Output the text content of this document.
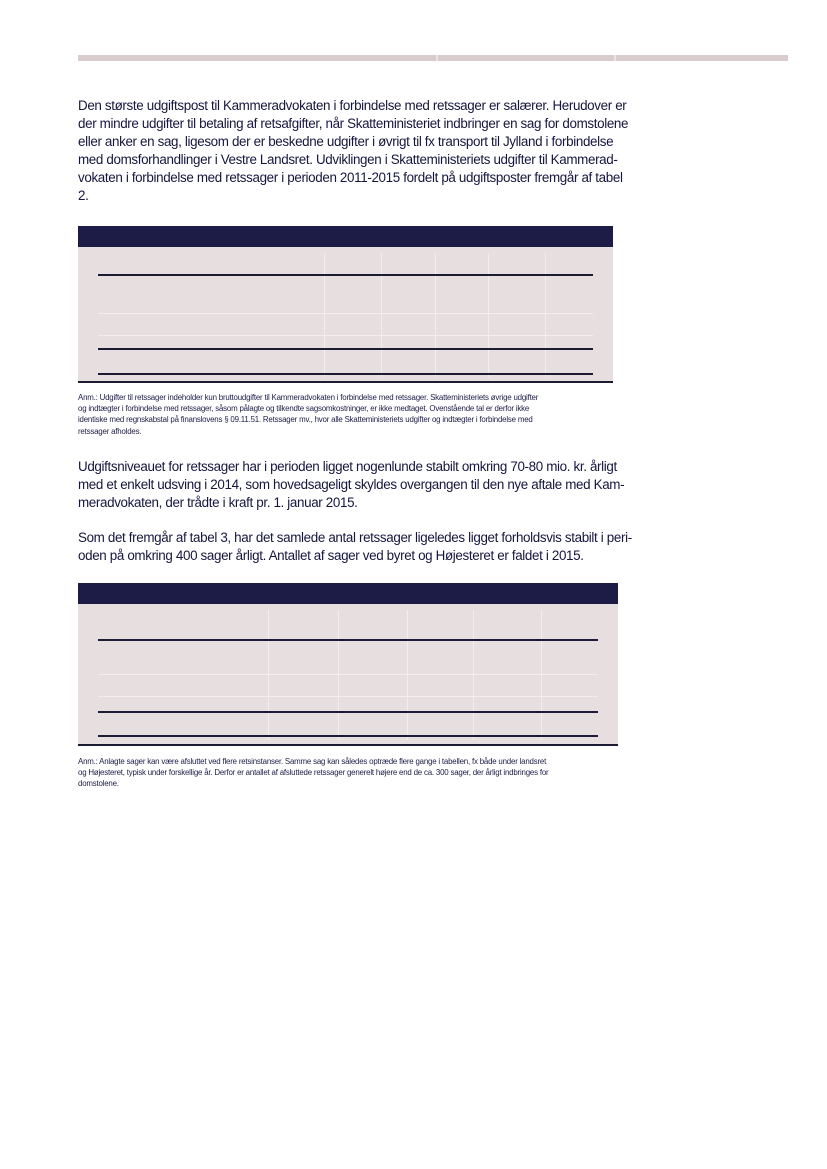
Den største udgiftspost til Kammeradvokaten i forbindelse med retssager er salærer. Herudover er
der mindre udgifter til betaling af retsafgifter, når Skatteministeriet indbringer en sag for domstolene
eller anker en sag, ligesom der er beskedne udgifter i øvrigt til fx transport til Jylland i forbindelse
med domsforhandlinger i Vestre Landsret. Udviklingen i Skatteministeriets udgifter til Kammerad-
vokaten i forbindelse med retssager i perioden 2011-2015 fordelt på udgiftsposter fremgår af tabel
2.

Anm.: Udgifter til retssager indeholder kun bruttoudgifter til Kammeradvokaten i forbindelse med retssager. Skatteministeriets øvrige udgifter
og indtægter i forbindelse med retssager, såsom pålagte og tilkendte sagsomkostninger, er ikke medtaget. Ovenstående tal er derfor ikke
identiske med regnskabstal på finanslovens § 09.11.51. Retssager mv., hvor alle Skatteministeriets udgifter og indtægter i forbindelse med
retssager afholdes.

Udgiftsniveauet for retssager har i perioden ligget nogenlunde stabilt omkring 70-80 mio. kr. årligt
med et enkelt udsving i 2014, som hovedsageligt skyldes overgangen til den nye aftale med Kam-
meradvokaten, der trådte i kraft pr. 1. januar 2015.

Som det fremgår af tabel 3, har det samlede antal retssager ligeledes ligget forholdsvis stabilt i peri-
oden på omkring 400 sager årligt. Antallet af sager ved byret og Højesteret er faldet i 2015.

Anm.: Anlagte sager kan være afsluttet ved flere retsinstanser. Samme sag kan således optræde flere gange i tabellen, fx både under landsret
og Højesteret, typisk under forskellige år. Derfor er antallet af afsluttede retssager generelt højere end de ca. 300 sager, der årligt indbringes for
domstolene.
